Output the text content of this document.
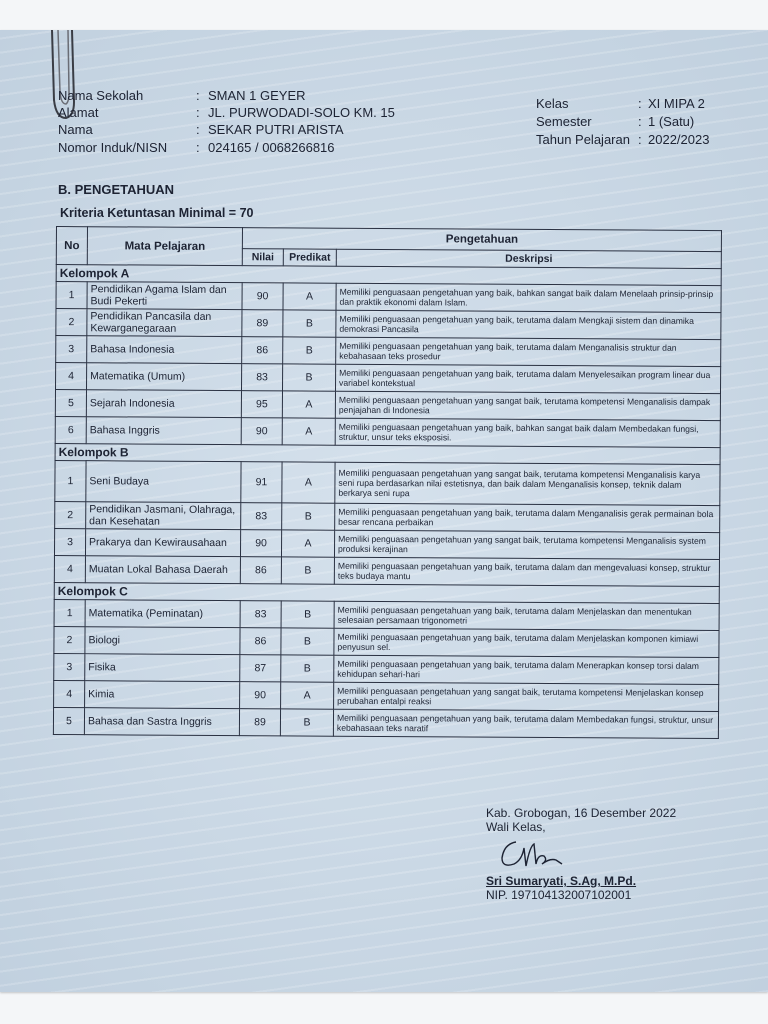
Nama Sekolah	: SMAN 1 GEYER
Alamat	: JL. PURWODADI-SOLO KM. 15
Nama	: SEKAR PUTRI ARISTA
Nomor Induk/NISN : 024165 / 0068266816
Kelas	: XI MIPA 2
Semester	: 1 (Satu)
Tahun Pelajaran : 2022/2023
B. PENGETAHUAN
Kriteria Ketuntasan Minimal = 70
No	Mata Pelajaran	Pengetahuan		
		Nilai	Predikat	Deskripsi
Kelompok A				
1	Pendidikan Agama Islam dan Budi Pekerti	90	A	Memiliki penguasaan pengetahuan yang baik, bahkan sangat baik dalam Menelaah prinsip-prinsip dan praktik ekonomi dalam Islam.
2	Pendidikan Pancasila dan Kewarganegaraan	89	B	Memiliki penguasaan pengetahuan yang baik, terutama dalam Mengkaji sistem dan dinamika demokrasi Pancasila
3	Bahasa Indonesia	86	B	Memiliki penguasaan pengetahuan yang baik, terutama dalam Menganalisis struktur dan kebahasaan teks prosedur
4	Matematika (Umum)	83	B	Memiliki penguasaan pengetahuan yang baik, terutama dalam Menyelesaikan program linear dua variabel kontekstual
5	Sejarah Indonesia	95	A	Memiliki penguasaan pengetahuan yang sangat baik, terutama kompetensi Menganalisis dampak penjajahan di Indonesia
6	Bahasa Inggris	90	A	Memiliki penguasaan pengetahuan yang baik, bahkan sangat baik dalam Membedakan fungsi, struktur, unsur teks eksposisi.
Kelompok B				
1	Seni Budaya	91	A	Memiliki penguasaan pengetahuan yang sangat baik, terutama kompetensi Menganalisis karya seni rupa berdasarkan nilai estetisnya, dan baik dalam Menganalisis konsep, teknik dalam berkarya seni rupa
2	Pendidikan Jasmani, Olahraga, dan Kesehatan	83	B	Memiliki penguasaan pengetahuan yang baik, terutama dalam Menganalisis gerak permainan bola besar rencana perbaikan
3	Prakarya dan Kewirausahaan	90	A	Memiliki penguasaan pengetahuan yang sangat baik, terutama kompetensi Menganalisis system produksi kerajinan
4	Muatan Lokal Bahasa Daerah	86	B	Memiliki penguasaan pengetahuan yang baik, terutama dalam dan mengevaluasi konsep, struktur teks budaya mantu
Kelompok C				
1	Matematika (Peminatan)	83	B	Memiliki penguasaan pengetahuan yang baik, terutama dalam Menjelaskan dan menentukan selesaian persamaan trigonometri
2	Biologi	86	B	Memiliki penguasaan pengetahuan yang baik, terutama dalam Menjelaskan komponen kimiawi penyusun sel.
3	Fisika	87	B	Memiliki penguasaan pengetahuan yang baik, terutama dalam Menerapkan konsep torsi dalam kehidupan sehari-hari
4	Kimia	90	A	Memiliki penguasaan pengetahuan yang sangat baik, terutama kompetensi Menjelaskan konsep perubahan entalpi reaksi
5	Bahasa dan Sastra Inggris	89	B	Memiliki penguasaan pengetahuan yang baik, terutama dalam Membedakan fungsi, struktur, unsur kebahasaan teks naratif
Kab. Grobogan, 16 Desember 2022
Wali Kelas,
Sri Sumaryati, S.Ag, M.Pd.
NIP. 197104132007102001
